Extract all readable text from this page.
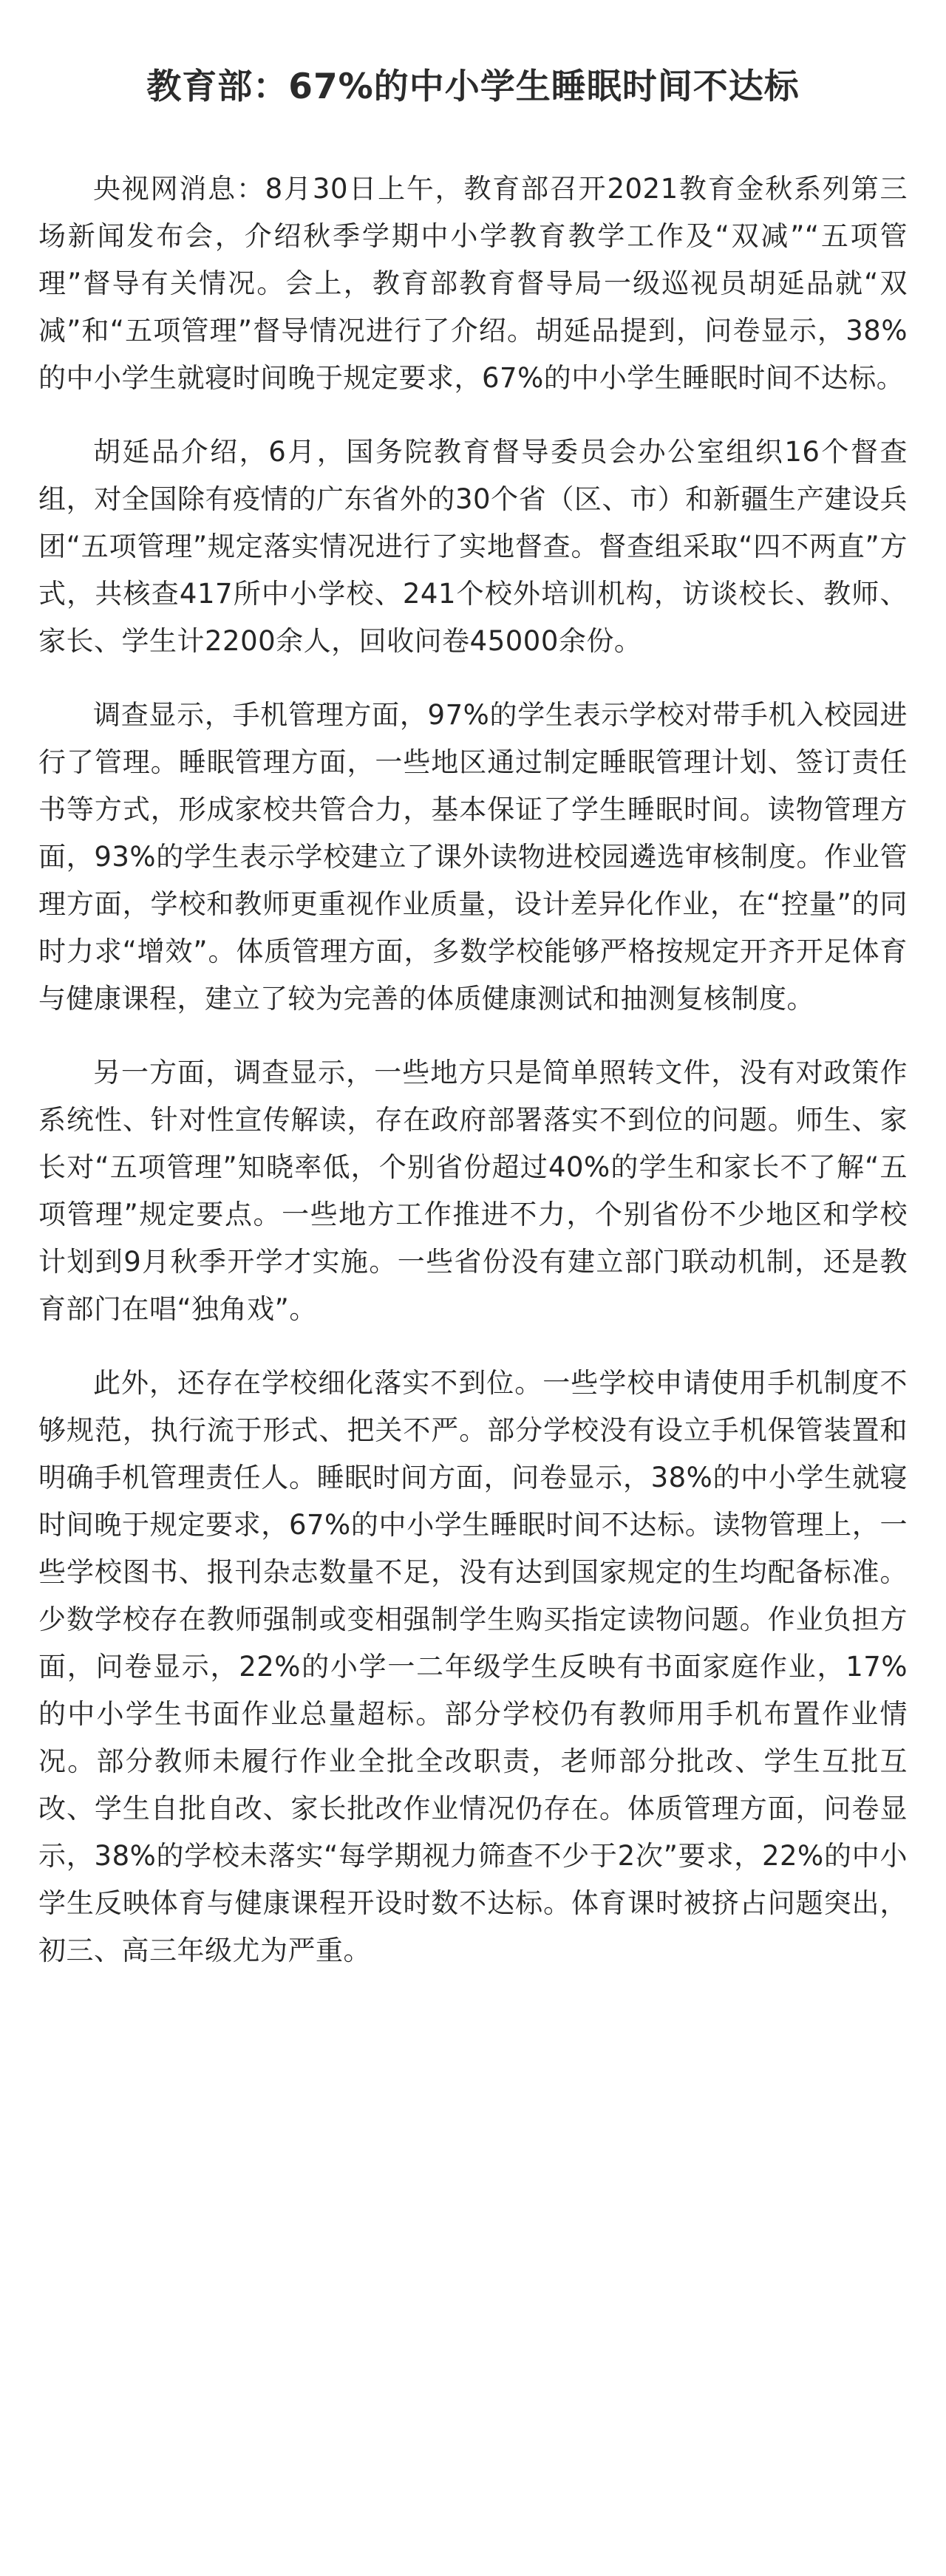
教育部：67%的中小学生睡眠时间不达标

央视网消息：8月30日上午，教育部召开2021教育金秋系列第三场新闻发布会，介绍秋季学期中小学教育教学工作及“双减”“五项管理”督导有关情况。会上，教育部教育督导局一级巡视员胡延品就“双减”和“五项管理”督导情况进行了介绍。胡延品提到，问卷显示，38%的中小学生就寝时间晚于规定要求，67%的中小学生睡眠时间不达标。

胡延品介绍，6月，国务院教育督导委员会办公室组织16个督查组，对全国除有疫情的广东省外的30个省（区、市）和新疆生产建设兵团“五项管理”规定落实情况进行了实地督查。督查组采取“四不两直”方式，共核查417所中小学校、241个校外培训机构，访谈校长、教师、家长、学生计2200余人，回收问卷45000余份。

调查显示，手机管理方面，97%的学生表示学校对带手机入校园进行了管理。睡眠管理方面，一些地区通过制定睡眠管理计划、签订责任书等方式，形成家校共管合力，基本保证了学生睡眠时间。读物管理方面，93%的学生表示学校建立了课外读物进校园遴选审核制度。作业管理方面，学校和教师更重视作业质量，设计差异化作业，在“控量”的同时力求“增效”。体质管理方面，多数学校能够严格按规定开齐开足体育与健康课程，建立了较为完善的体质健康测试和抽测复核制度。

另一方面，调查显示，一些地方只是简单照转文件，没有对政策作系统性、针对性宣传解读，存在政府部署落实不到位的问题。师生、家长对“五项管理”知晓率低，个别省份超过40%的学生和家长不了解“五项管理”规定要点。一些地方工作推进不力，个别省份不少地区和学校计划到9月秋季开学才实施。一些省份没有建立部门联动机制，还是教育部门在唱“独角戏”。

此外，还存在学校细化落实不到位。一些学校申请使用手机制度不够规范，执行流于形式、把关不严。部分学校没有设立手机保管装置和明确手机管理责任人。睡眠时间方面，问卷显示，38%的中小学生就寝时间晚于规定要求，67%的中小学生睡眠时间不达标。读物管理上，一些学校图书、报刊杂志数量不足，没有达到国家规定的生均配备标准。少数学校存在教师强制或变相强制学生购买指定读物问题。作业负担方面，问卷显示，22%的小学一二年级学生反映有书面家庭作业，17%的中小学生书面作业总量超标。部分学校仍有教师用手机布置作业情况。部分教师未履行作业全批全改职责，老师部分批改、学生互批互改、学生自批自改、家长批改作业情况仍存在。体质管理方面，问卷显示，38%的学校未落实“每学期视力筛查不少于2次”要求，22%的中小学生反映体育与健康课程开设时数不达标。体育课时被挤占问题突出，初三、高三年级尤为严重。
